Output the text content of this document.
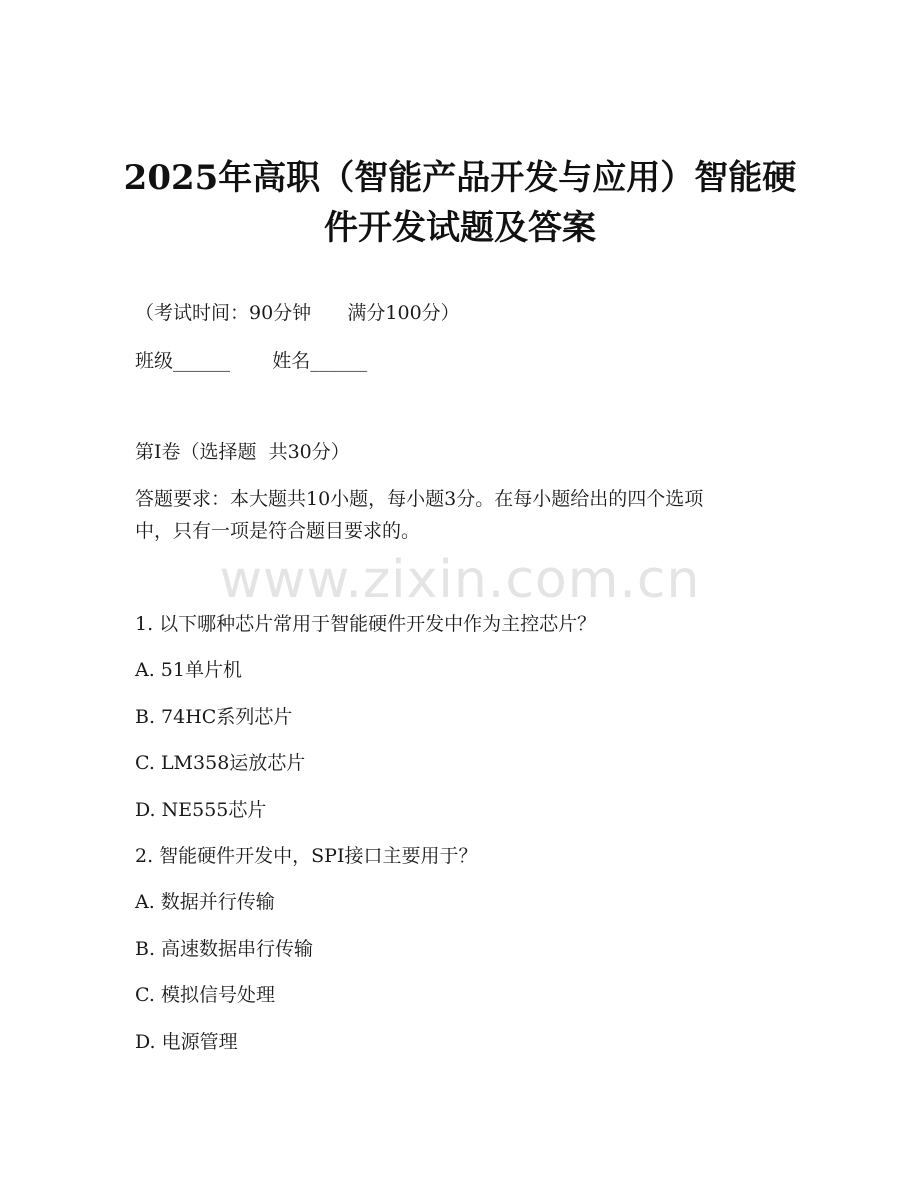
2025年高职（智能产品开发与应用）智能硬
件开发试题及答案
（考试时间：90分钟      满分100分）
班级______       姓名______
第Ⅰ卷（选择题  共30分）
答题要求：本大题共10小题，每小题3分。在每小题给出的四个选项
中，只有一项是符合题目要求的。
www.zixin.com.cn
1. 以下哪种芯片常用于智能硬件开发中作为主控芯片？
A. 51单片机
B. 74HC系列芯片
C. LM358运放芯片
D. NE555芯片
2. 智能硬件开发中，SPI接口主要用于？
A. 数据并行传输
B. 高速数据串行传输
C. 模拟信号处理
D. 电源管理
